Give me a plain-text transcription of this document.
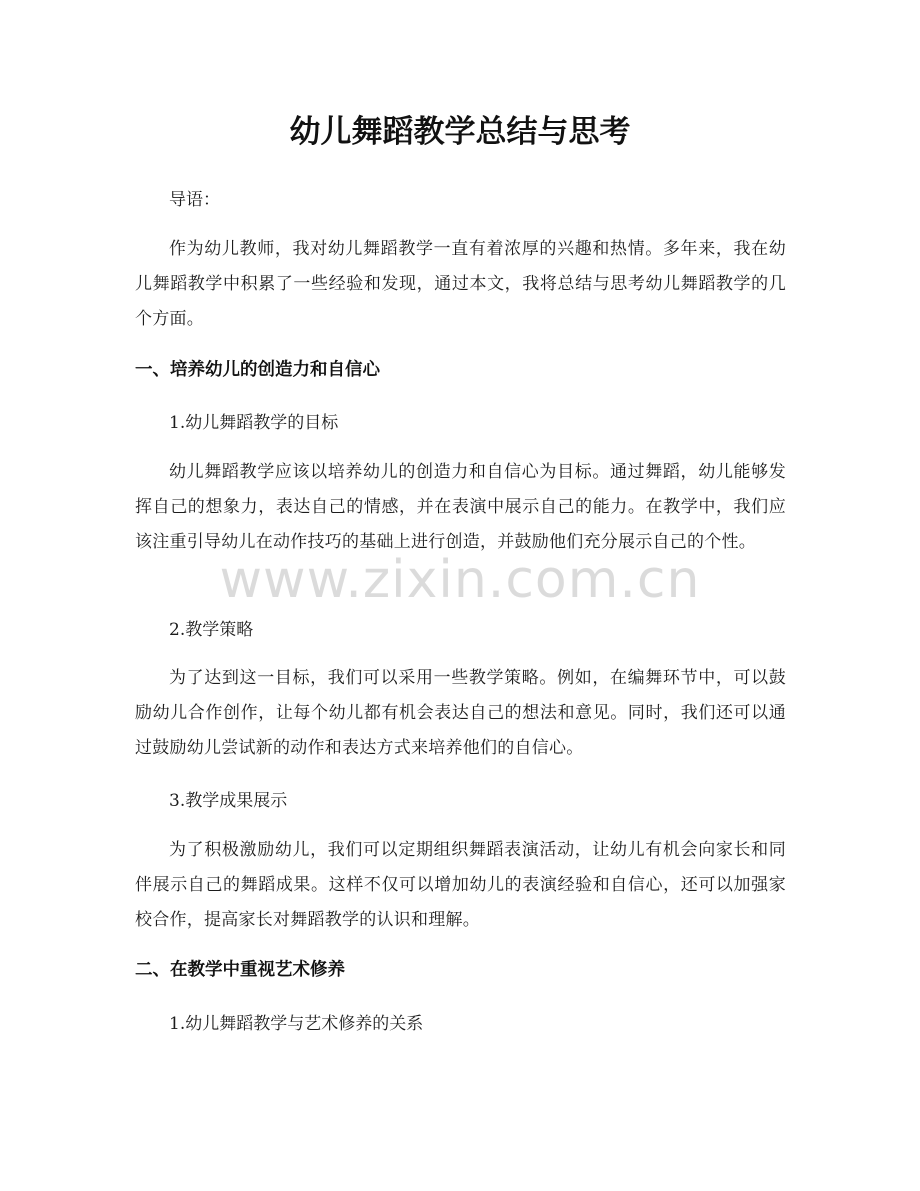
幼儿舞蹈教学总结与思考
导语：
作为幼儿教师，我对幼儿舞蹈教学一直有着浓厚的兴趣和热情。多年来，我在幼儿舞蹈教学中积累了一些经验和发现，通过本文，我将总结与思考幼儿舞蹈教学的几个方面。
一、培养幼儿的创造力和自信心
1.幼儿舞蹈教学的目标
幼儿舞蹈教学应该以培养幼儿的创造力和自信心为目标。通过舞蹈，幼儿能够发挥自己的想象力，表达自己的情感，并在表演中展示自己的能力。在教学中，我们应该注重引导幼儿在动作技巧的基础上进行创造，并鼓励他们充分展示自己的个性。
2.教学策略
为了达到这一目标，我们可以采用一些教学策略。例如，在编舞环节中，可以鼓励幼儿合作创作，让每个幼儿都有机会表达自己的想法和意见。同时，我们还可以通过鼓励幼儿尝试新的动作和表达方式来培养他们的自信心。
3.教学成果展示
为了积极激励幼儿，我们可以定期组织舞蹈表演活动，让幼儿有机会向家长和同伴展示自己的舞蹈成果。这样不仅可以增加幼儿的表演经验和自信心，还可以加强家校合作，提高家长对舞蹈教学的认识和理解。
二、在教学中重视艺术修养
1.幼儿舞蹈教学与艺术修养的关系
www.zixin.com.cn
